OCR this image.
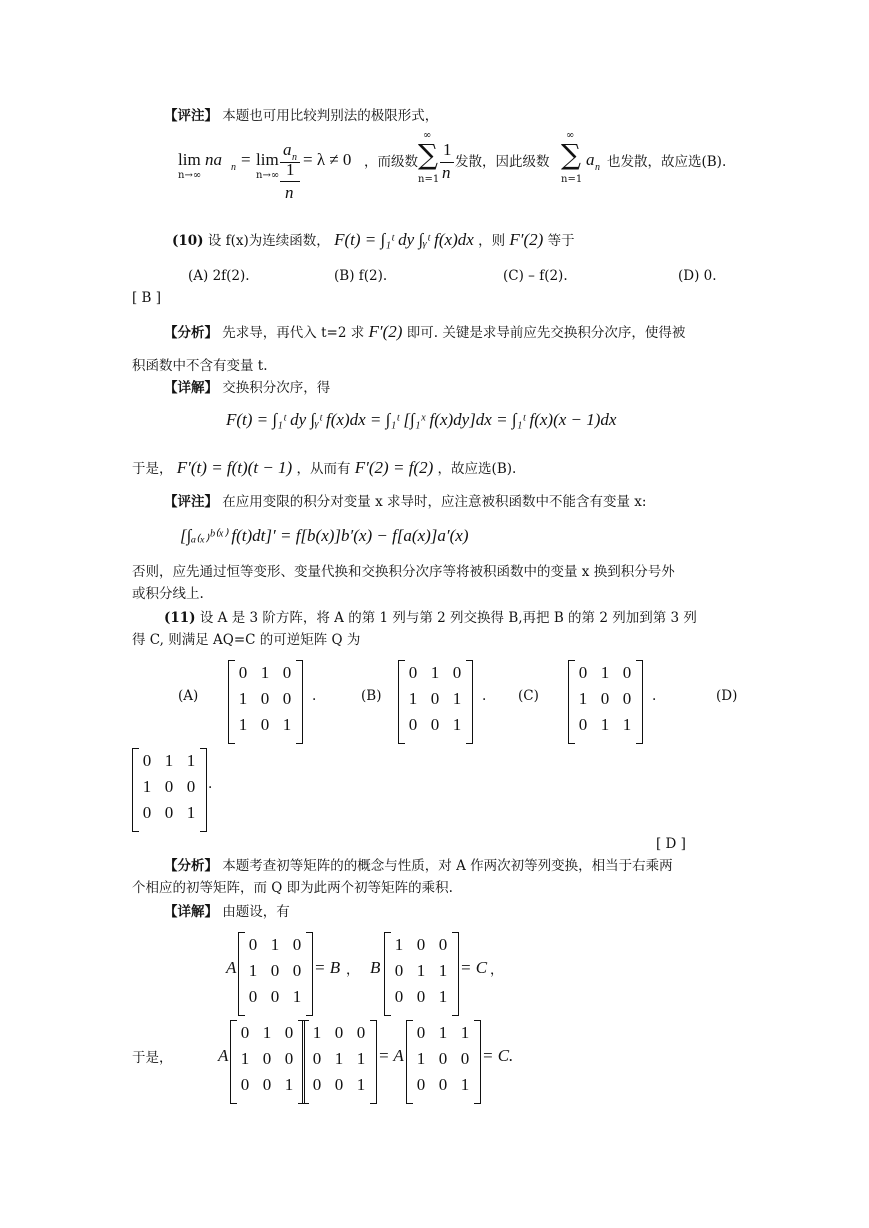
【评注】 本题也可用比较判别法的极限形式，
lim
n→∞
na n = lim
n→∞
a n
1
n
= λ ≠ 0 ，而级数
∞
∑
n=1
1
n
发散，因此级数
∞
∑
n=1
a n 也发散，故应选(B).
(10) 设 f(x)为连续函数， F(t) = ∫₁ᵗ dy ∫ᵧᵗ f(x)dx ，则 F′(2) 等于
(A) 2f(2).	(B) f(2).	(C) – f(2).	(D) 0.
[ B ]
【分析】 先求导，再代入 t=2 求 F′(2) 即可. 关键是求导前应先交换积分次序，使得被
积函数中不含有变量 t.
【详解】 交换积分次序，得
F(t) = ∫₁ᵗ dy ∫ᵧᵗ f(x)dx = ∫₁ᵗ [∫₁ˣ f(x)dy]dx = ∫₁ᵗ f(x)(x − 1)dx
于是， F′(t) = f(t)(t − 1) ，从而有 F′(2) = f(2) ，故应选(B).
【评注】 在应用变限的积分对变量 x 求导时，应注意被积函数中不能含有变量 x:
[∫ₐ₍ₓ₎ᵇ⁽ˣ⁾ f(t)dt]′ = f[b(x)]b′(x) − f[a(x)]a′(x)
否则，应先通过恒等变形、变量代换和交换积分次序等将被积函数中的变量 x 换到积分号外
或积分线上.
(11) 设 A 是 3 阶方阵，将 A 的第 1 列与第 2 列交换得 B,再把 B 的第 2 列加到第 3 列
得 C, 则满足 AQ=C 的可逆矩阵 Q 为
(A)
0 1 0
1 0 0
1 0 1
.	(B)
0 1 0
1 0 1
0 0 1
. (C)
0 1 0
1 0 0
0 1 1
.	(D)
0 1 1
1 0 0
0 0 1
.
[ D ]
【分析】 本题考查初等矩阵的的概念与性质，对 A 作两次初等列变换，相当于右乘两
个相应的初等矩阵，而 Q 即为此两个初等矩阵的乘积.
【详解】 由题设，有
A
0 1 0
1 0 0
0 0 1
= B ， B
1 0 0
0 1 1
0 0 1
= C ，
于是，	A
0 1 0
1 0 0
0 0 1
1 0 0
0 1 1
0 0 1
= A
0 1 1
1 0 0
0 0 1
= C.
